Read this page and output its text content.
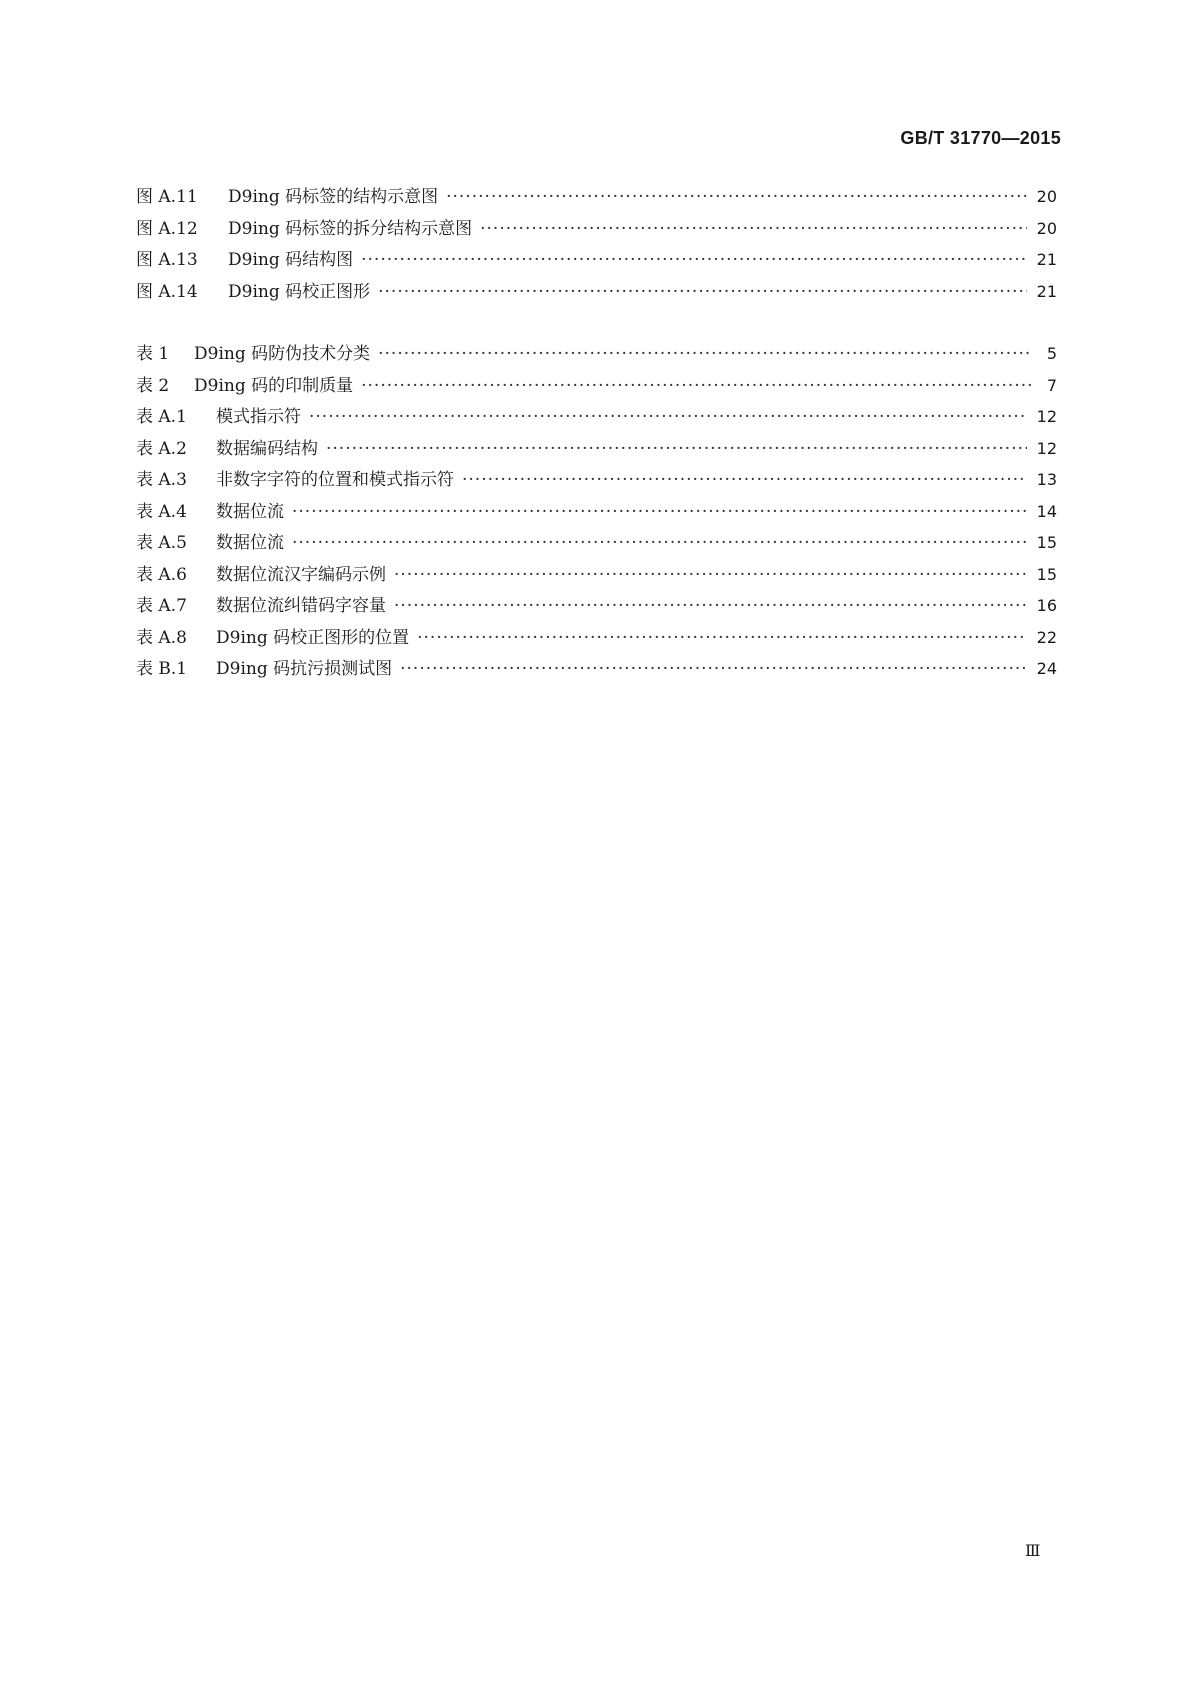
GB/T 31770—2015
图 A.11 D9ing 码标签的结构示意图 ·····	20
图 A.12 D9ing 码标签的拆分结构示意图 ·····	20
图 A.13 D9ing 码结构图 ·····	21
图 A.14 D9ing 码校正图形 ·····	21
表 1 D9ing 码防伪技术分类 ·····	5
表 2 D9ing 码的印制质量 ·····	7
表 A.1 模式指示符 ·····	12
表 A.2 数据编码结构 ·····	12
表 A.3 非数字字符的位置和模式指示符 ·····	13
表 A.4 数据位流 ·····	14
表 A.5 数据位流 ·····	15
表 A.6 数据位流汉字编码示例 ·····	15
表 A.7 数据位流纠错码字容量 ·····	16
表 A.8 D9ing 码校正图形的位置 ·····	22
表 B.1 D9ing 码抗污损测试图 ·····	24
Ⅲ
